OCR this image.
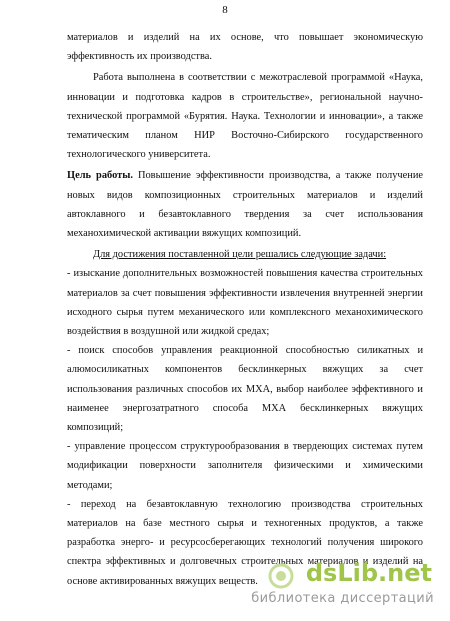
8

материалов и изделий на их основе, что повышает экономическую эффективность их производства.

Работа выполнена в соответствии с межотраслевой программой «Наука, инновации и подготовка кадров в строительстве», региональной научно-технической программой «Бурятия. Наука. Технологии и инновации», а также тематическим планом НИР Восточно-Сибирского государственного технологического университета.

Цель работы. Повышение эффективности производства, а также получение новых видов композиционных строительных материалов и изделий автоклавного и безавтоклавного твердения за счет использования механохимической активации вяжущих композиций.

Для достижения поставленной цели решались следующие задачи:

- изыскание дополнительных возможностей повышения качества строительных материалов за счет повышения эффективности извлечения внутренней энергии исходного сырья путем механического или комплексного механохимического воздействия в воздушной или жидкой средах;

- поиск способов управления реакционной способностью силикатных и алюмосиликатных компонентов бесклинкерных вяжущих за счет использования различных способов их МХА, выбор наиболее эффективного и наименее энергозатратного способа МХА бесклинкерных вяжущих композиций;

- управление процессом структурообразования в твердеющих системах путем модификации поверхности заполнителя физическими и химическими методами;

- переход на безавтоклавную технологию производства строительных материалов на базе местного сырья и техногенных продуктов, а также разработка энерго- и ресурсосберегающих технологий получения широкого спектра эффективных и долговечных строительных материалов и изделий на основе активированных вяжущих веществ.	dsLib.net
библиотека диссертаций
